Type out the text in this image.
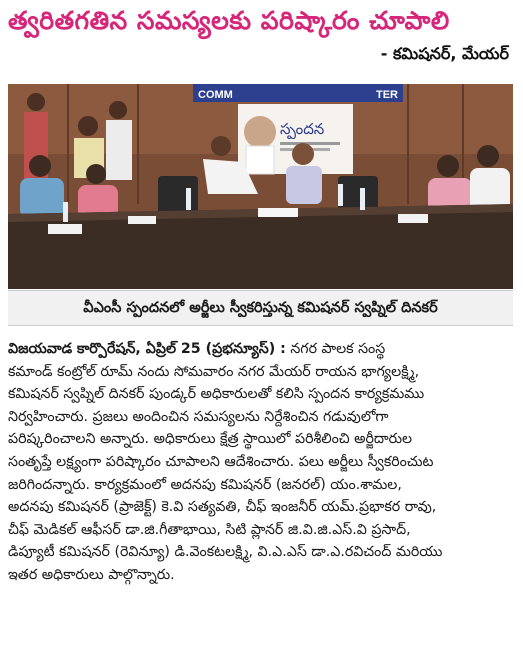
త్వరితగతిన సమస్యలకు పరిష్కారం చూపాలి
- కమిషనర్, మేయర్
COMM	TER
స్పందన
వీఎంసీ స్పందనలో అర్జీలు స్వీకరిస్తున్న కమిషనర్ స్వప్నిల్ దినకర్
విజయవాడ కార్పొరేషన్, ఏప్రిల్ 25 (ప్రభన్యూస్) : నగర పాలక సంస్థ
కమాండ్ కంట్రోల్ రూమ్ నందు సోమవారం నగర మేయర్ రాయన భాగ్యలక్ష్మి,
కమిషనర్ స్వప్నిల్ దినకర్ పుండ్కర్ అధికారులతో కలిసి స్పందన కార్యక్రమము
నిర్వహించారు. ప్రజలు అందించిన సమస్యలను నిర్దేశించిన గడువులోగా
పరిష్కరించాలని అన్నారు. అధికారులు క్షేత్ర స్థాయిలో పరిశీలించి అర్జీదారుల
సంతృప్తే లక్ష్యంగా పరిష్కారం చూపాలని ఆదేశించారు. పలు అర్జీలు స్వీకరించుట
జరిగిందన్నారు. కార్యక్రమంలో అదనపు కమిషనర్ (జనరల్) యం.శామల,
అదనపు కమిషనర్ (ప్రాజెక్ట్) కె.వి సత్యవతి, చీఫ్ ఇంజనీర్ యమ్.ప్రభాకర రావు,
చీఫ్ మెడికల్ ఆఫీసర్ డా.జి.గీతాభాయి, సిటి ప్లానర్ జి.వి.జి.ఎస్.వి ప్రసాద్,
డిప్యూటీ కమిషనర్ (రెవిన్యూ) డి.వెంకటలక్ష్మి, వి.ఎ.ఎస్ డా.ఎ.రవిచంద్ మరియు
ఇతర అధికారులు పాల్గొన్నారు.
